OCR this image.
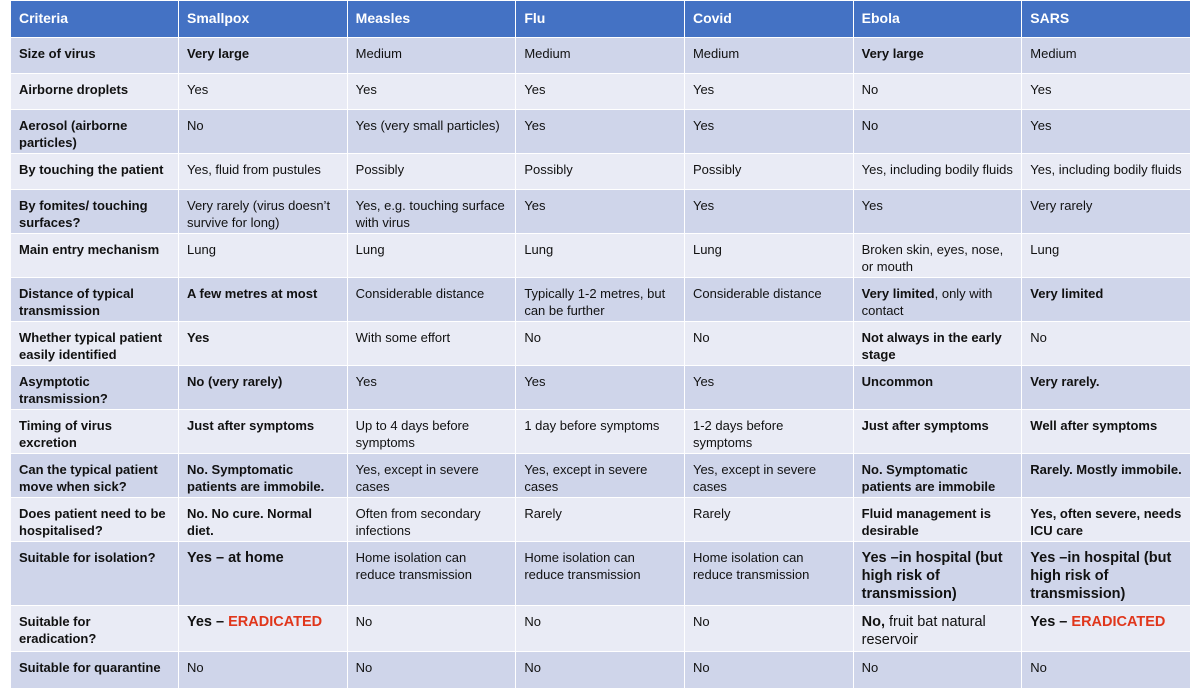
Criteria	Smallpox	Measles	Flu	Covid	Ebola	SARS
Size of virus	Very large	Medium	Medium	Medium	Very large	Medium
Airborne droplets	Yes	Yes	Yes	Yes	No	Yes
Aerosol (airborne particles)	No	Yes (very small particles)	Yes	Yes	No	Yes
By touching the patient	Yes, fluid from pustules	Possibly	Possibly	Possibly	Yes, including bodily fluids	Yes, including bodily fluids
By fomites/ touching surfaces?	Very rarely (virus doesn’t survive for long)	Yes, e.g. touching surface with virus	Yes	Yes	Yes	Very rarely
Main entry mechanism	Lung	Lung	Lung	Lung	Broken skin, eyes, nose, or mouth	Lung
Distance of typical transmission	A few metres at most	Considerable distance	Typically 1-2 metres, but can be further	Considerable distance	Very limited, only with contact	Very limited
Whether typical patient easily identified	Yes	With some effort	No	No	Not always in the early stage	No
Asymptotic transmission?	No (very rarely)	Yes	Yes	Yes	Uncommon	Very rarely.
Timing of virus excretion	Just after symptoms	Up to 4 days before symptoms	1 day before symptoms	1-2 days before symptoms	Just after symptoms	Well after symptoms
Can the typical patient move when sick?	No. Symptomatic patients are immobile.	Yes, except in severe cases	Yes, except in severe cases	Yes, except in severe cases	No. Symptomatic patients are immobile	Rarely. Mostly immobile.
Does patient need to be hospitalised?	No. No cure. Normal diet.	Often from secondary infections	Rarely	Rarely	Fluid management is desirable	Yes, often severe, needs ICU care
Suitable for isolation?	Yes – at home	Home isolation can reduce transmission	Home isolation can reduce transmission	Home isolation can reduce transmission	Yes –in hospital (but high risk of transmission)	Yes –in hospital (but high risk of transmission)
Suitable for eradication?	Yes – ERADICATED	No	No	No	No, fruit bat natural reservoir	Yes – ERADICATED
Suitable for quarantine	No	No	No	No	No	No
